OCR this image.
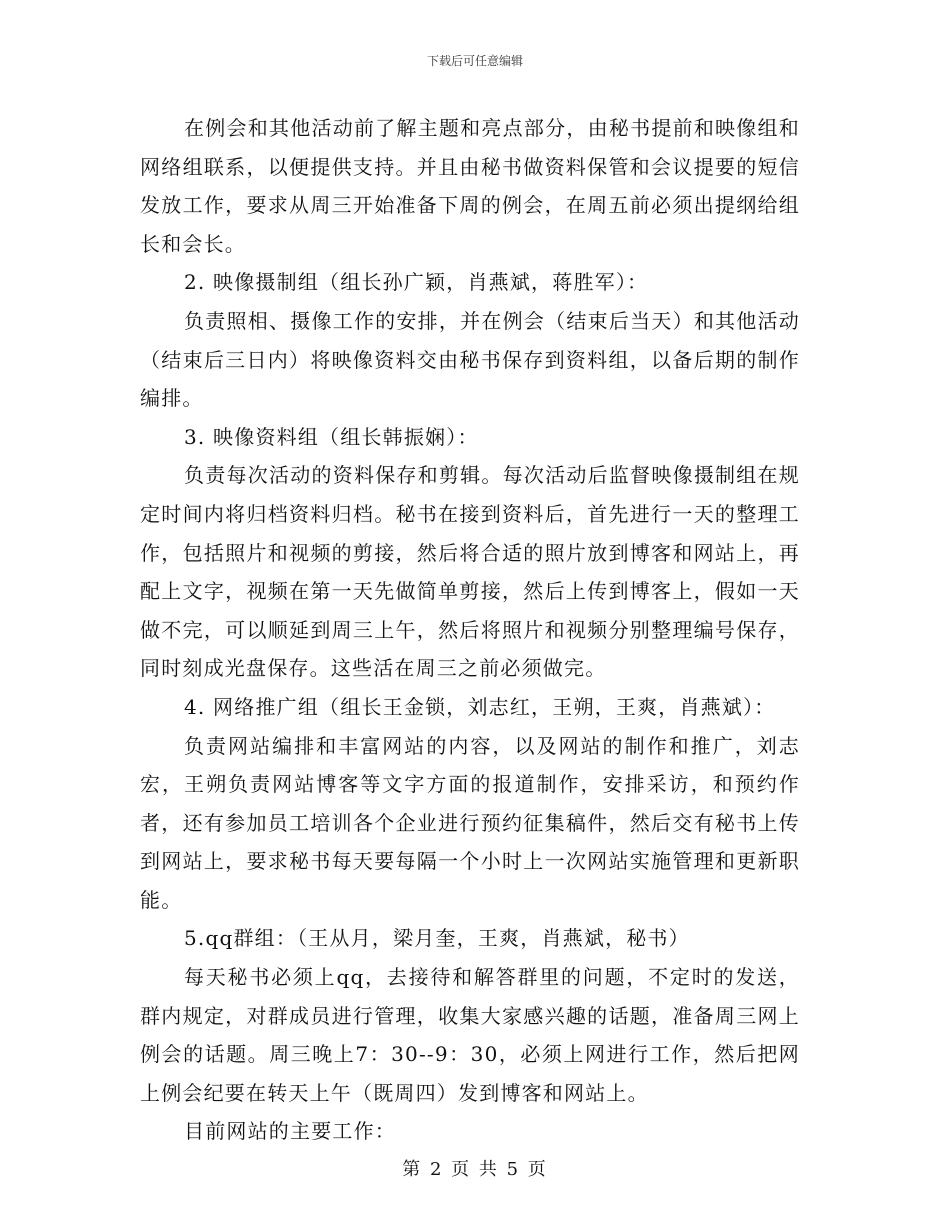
下载后可任意编辑

在例会和其他活动前了解主题和亮点部分，由秘书提前和映像组和网络组联系，以便提供支持。并且由秘书做资料保管和会议提要的短信发放工作，要求从周三开始准备下周的例会，在周五前必须出提纲给组长和会长。

2. 映像摄制组（组长孙广颖，肖燕斌，蒋胜军）：

负责照相、摄像工作的安排，并在例会（结束后当天）和其他活动（结束后三日内）将映像资料交由秘书保存到资料组，以备后期的制作编排。

3. 映像资料组（组长韩振娴）：

负责每次活动的资料保存和剪辑。每次活动后监督映像摄制组在规定时间内将归档资料归档。秘书在接到资料后，首先进行一天的整理工作，包括照片和视频的剪接，然后将合适的照片放到博客和网站上，再配上文字，视频在第一天先做简单剪接，然后上传到博客上，假如一天做不完，可以顺延到周三上午，然后将照片和视频分别整理编号保存，同时刻成光盘保存。这些活在周三之前必须做完。

4. 网络推广组（组长王金锁，刘志红，王朔，王爽，肖燕斌）：

负责网站编排和丰富网站的内容，以及网站的制作和推广，刘志宏，王朔负责网站博客等文字方面的报道制作，安排采访，和预约作者，还有参加员工培训各个企业进行预约征集稿件，然后交有秘书上传到网站上，要求秘书每天要每隔一个小时上一次网站实施管理和更新职能。

5.qq群组：（王从月，梁月奎，王爽，肖燕斌，秘书）

每天秘书必须上qq，去接待和解答群里的问题，不定时的发送，群内规定，对群成员进行管理，收集大家感兴趣的话题，准备周三网上例会的话题。周三晚上7：30--9：30，必须上网进行工作，然后把网上例会纪要在转天上午（既周四）发到博客和网站上。

目前网站的主要工作：

第 2 页 共 5 页
